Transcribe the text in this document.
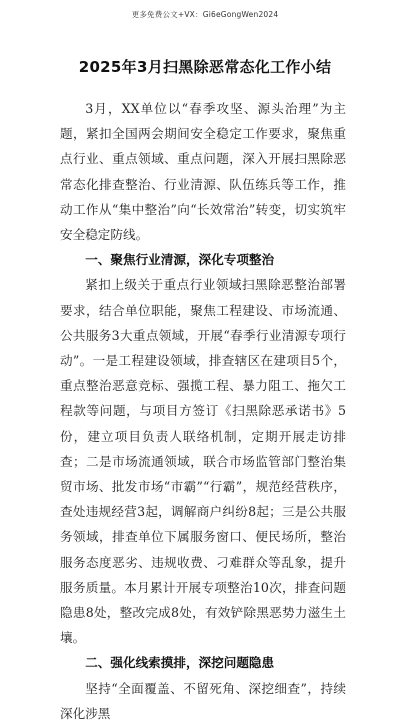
更多免费公文+VX：Gi6eGongWen2024
2025年3月扫黑除恶常态化工作小结

3月，XX单位以“春季攻坚、源头治理”为主题，紧扣全国两会期间安全稳定工作要求，聚焦重点行业、重点领域、重点问题，深入开展扫黑除恶常态化排查整治、行业清源、队伍练兵等工作，推动工作从“集中整治”向“长效常治”转变，切实筑牢安全稳定防线。

一、聚焦行业清源，深化专项整治

紧扣上级关于重点行业领域扫黑除恶整治部署要求，结合单位职能，聚焦工程建设、市场流通、公共服务3大重点领域，开展“春季行业清源专项行动”。一是工程建设领域，排查辖区在建项目5个，重点整治恶意竞标、强揽工程、暴力阻工、拖欠工程款等问题，与项目方签订《扫黑除恶承诺书》5份，建立项目负责人联络机制，定期开展走访排查；二是市场流通领域，联合市场监管部门整治集贸市场、批发市场“市霸”“行霸”，规范经营秩序，查处违规经营3起，调解商户纠纷8起；三是公共服务领域，排查单位下属服务窗口、便民场所，整治服务态度恶劣、违规收费、刁难群众等乱象，提升服务质量。本月累计开展专项整治10次，排查问题隐患8处，整改完成8处，有效铲除黑恶势力滋生土壤。

二、强化线索摸排，深挖问题隐患

坚持“全面覆盖、不留死角、深挖细查”，持续深化涉黑
